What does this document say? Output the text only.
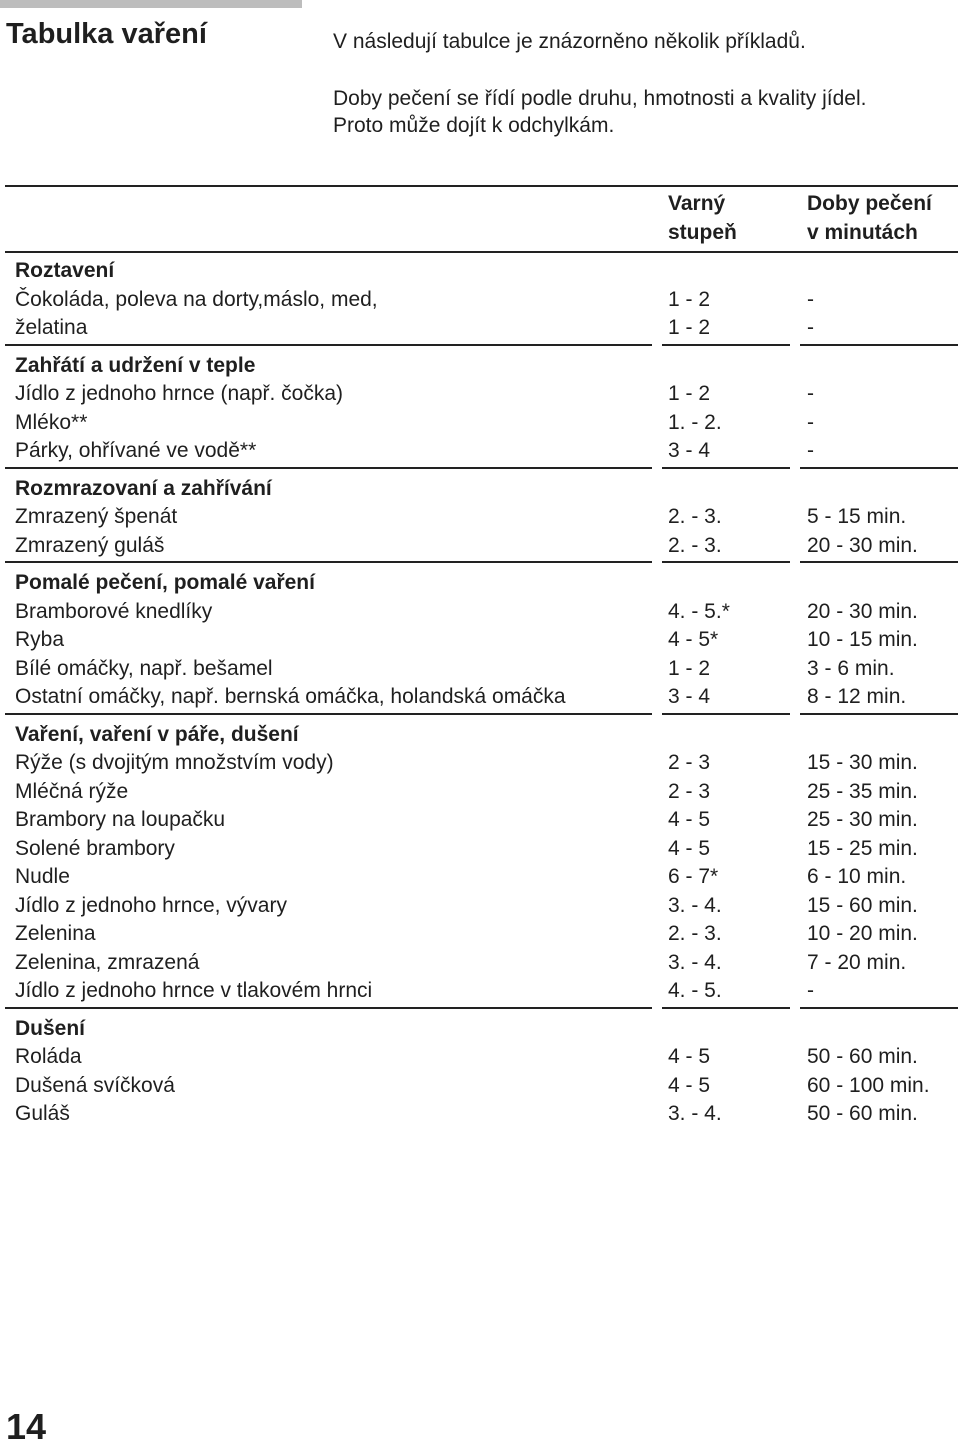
Tabulka vaření	V následují tabulce je znázorněno několik příkladů.
Doby pečení se řídí podle druhu, hmotnosti a kvality jídel.
Proto může dojít k odchylkám.
Varný
stupeň
Doby pečení
v minutách
Roztavení
Čokoláda, poleva na dorty,máslo, med,	1 - 2	-
želatina	1 - 2	-
Zahřátí a udržení v teple
Jídlo z jednoho hrnce (např. čočka)	1 - 2	-
Mléko**	1. - 2.	-
Párky, ohřívané ve vodě**	3 - 4	-
Rozmrazovaní a zahřívání
Zmrazený špenát	2. - 3.	5 - 15 min.
Zmrazený guláš	2. - 3.	20 - 30 min.
Pomalé pečení, pomalé vaření
Bramborové knedlíky	4. - 5.*	20 - 30 min.
Ryba	4 - 5*	10 - 15 min.
Bílé omáčky, např. bešamel	1 - 2	3 - 6 min.
Ostatní omáčky, např. bernská omáčka, holandská omáčka	3 - 4	8 - 12 min.
Vaření, vaření v páře, dušení
Rýže (s dvojitým množstvím vody)	2 - 3	15 - 30 min.
Mléčná rýže	2 - 3	25 - 35 min.
Brambory na loupačku	4 - 5	25 - 30 min.
Solené brambory	4 - 5	15 - 25 min.
Nudle	6 - 7*	6 - 10 min.
Jídlo z jednoho hrnce, vývary	3. - 4.	15 - 60 min.
Zelenina	2. - 3.	10 - 20 min.
Zelenina, zmrazená	3. - 4.	7 - 20 min.
Jídlo z jednoho hrnce v tlakovém hrnci	4. - 5.	-
Dušení
Roláda	4 - 5	50 - 60 min.
Dušená svíčková	4 - 5	60 - 100 min.
Guláš	3. - 4.	50 - 60 min.
14
